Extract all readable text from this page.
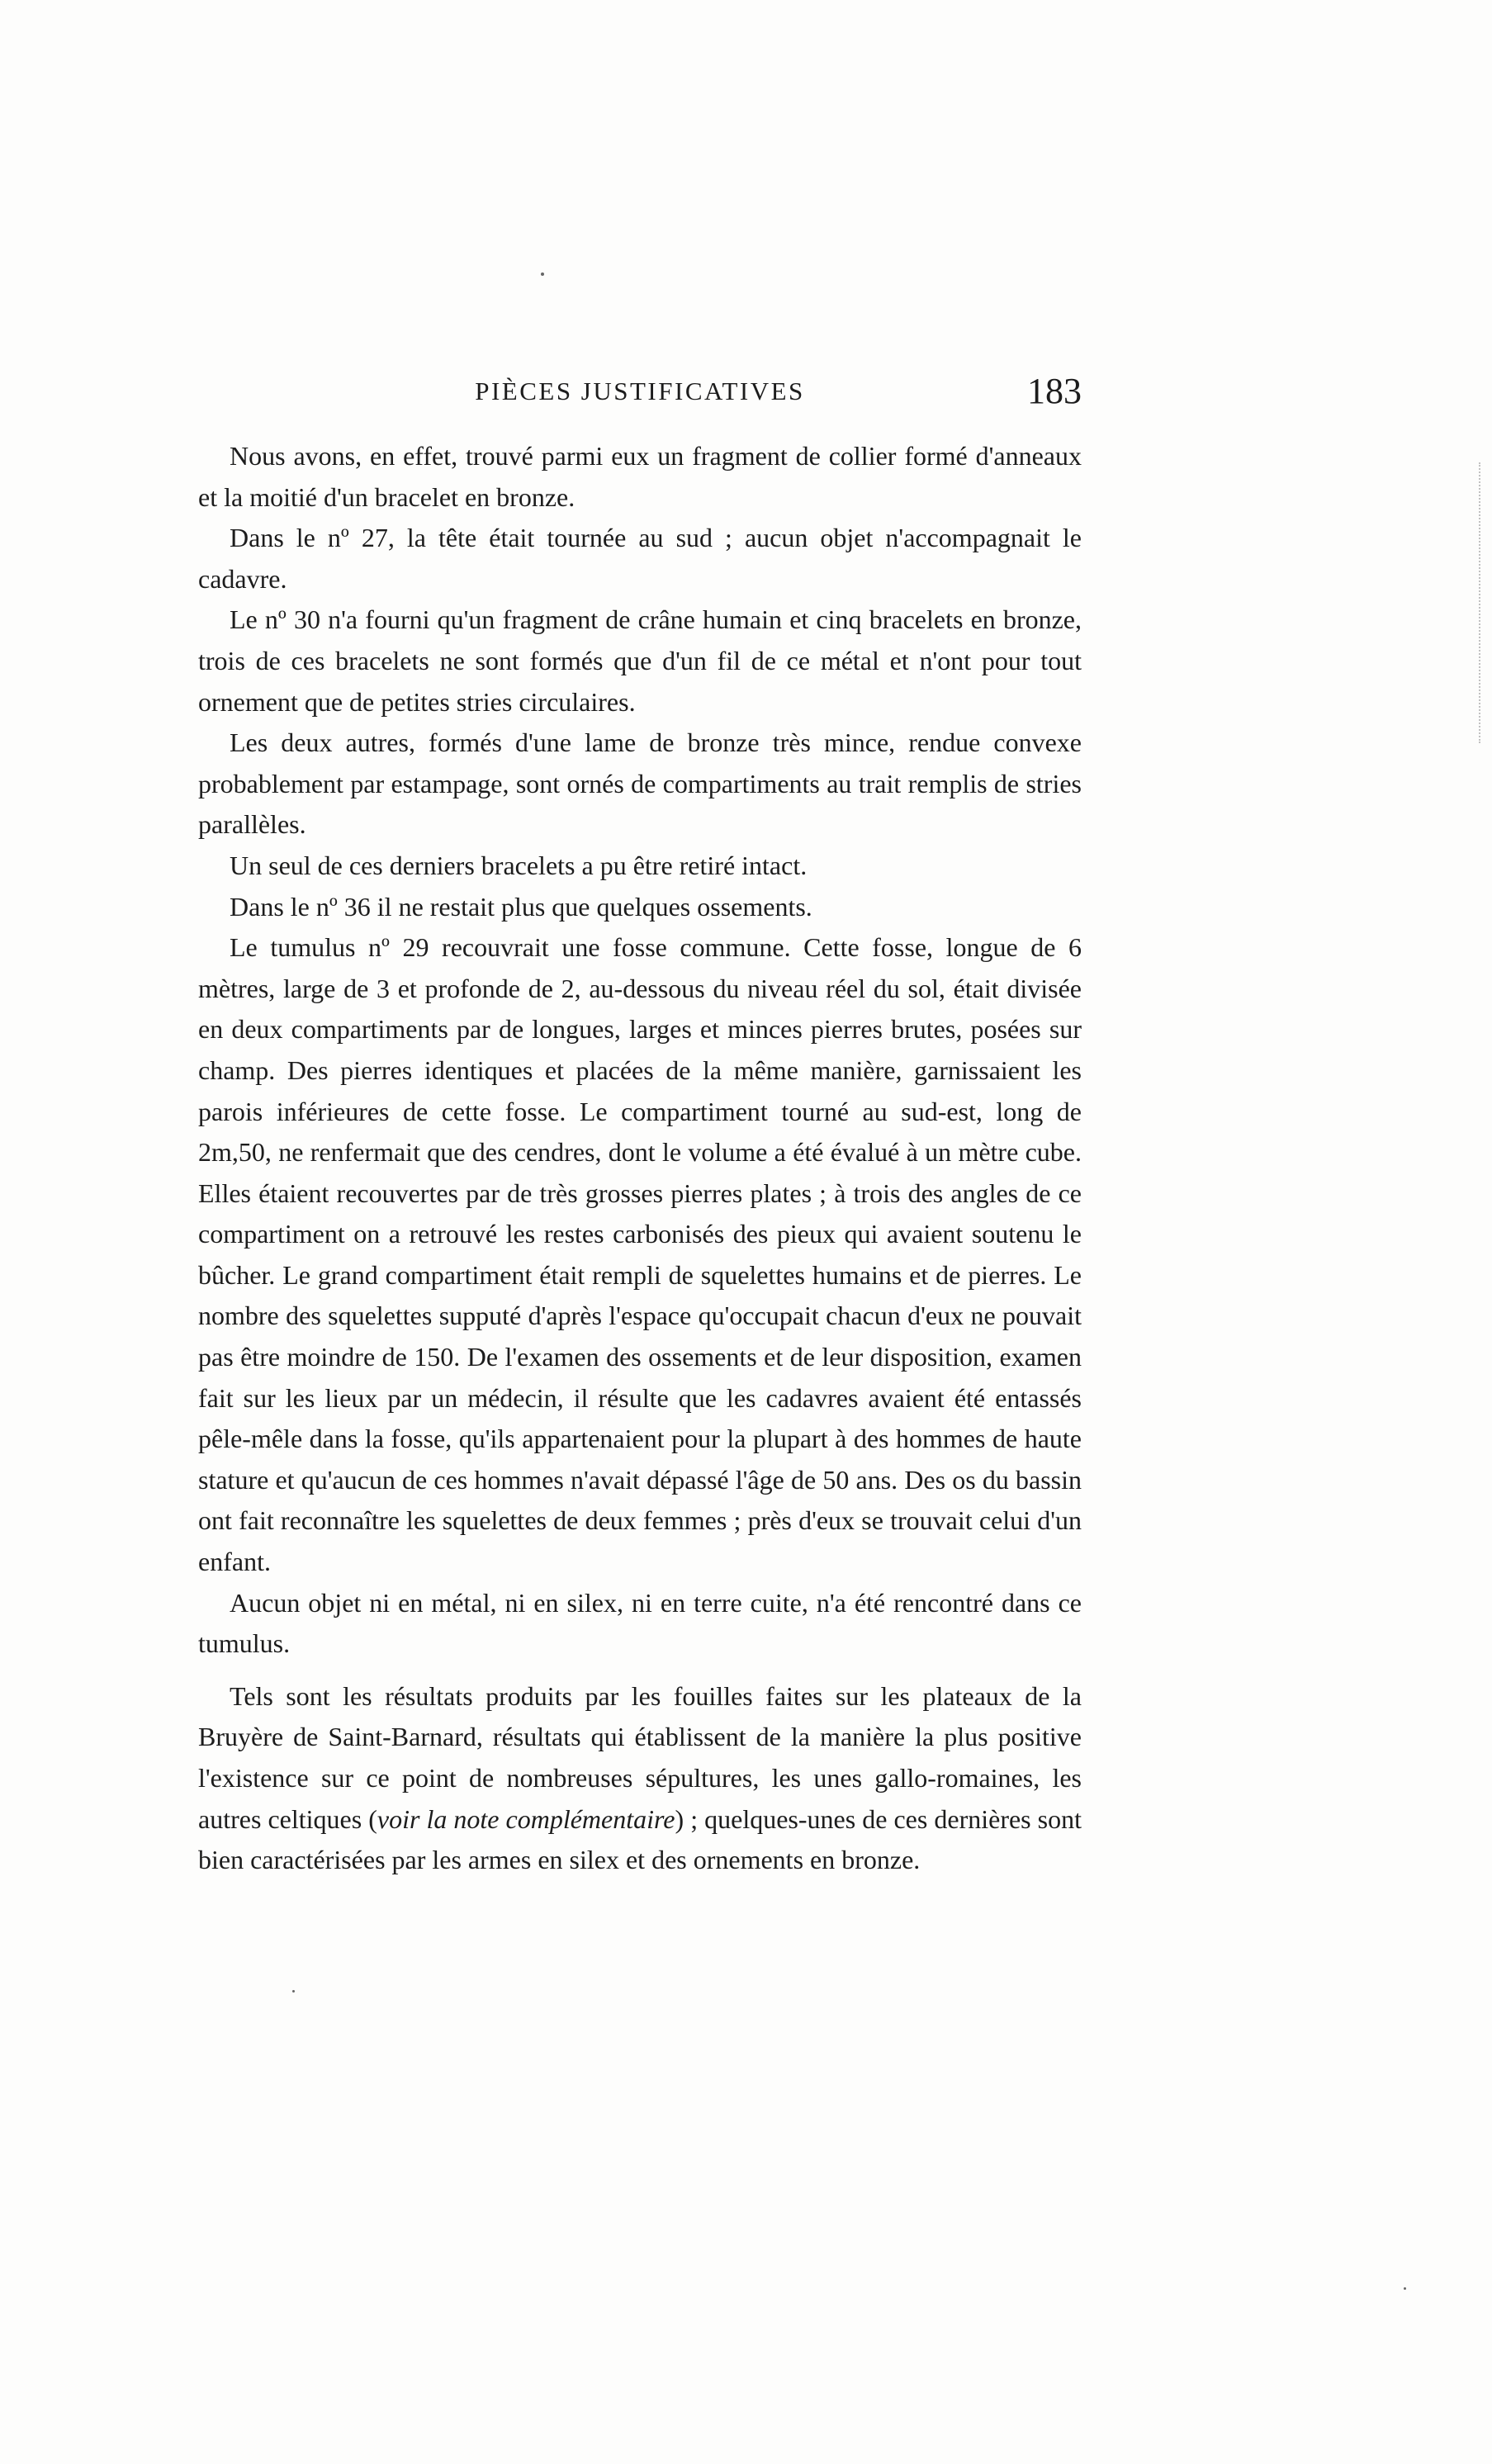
PIÈCES JUSTIFICATIVES	183

Nous avons, en effet, trouvé parmi eux un fragment de collier formé d'anneaux et la moitié d'un bracelet en bronze.

Dans le nº 27, la tête était tournée au sud ; aucun objet n'accompagnait le cadavre.

Le nº 30 n'a fourni qu'un fragment de crâne humain et cinq bracelets en bronze, trois de ces bracelets ne sont formés que d'un fil de ce métal et n'ont pour tout ornement que de petites stries circulaires.

Les deux autres, formés d'une lame de bronze très mince, rendue convexe probablement par estampage, sont ornés de compartiments au trait remplis de stries parallèles.

Un seul de ces derniers bracelets a pu être retiré intact.

Dans le nº 36 il ne restait plus que quelques ossements.

Le tumulus nº 29 recouvrait une fosse commune. Cette fosse, longue de 6 mètres, large de 3 et profonde de 2, au-dessous du niveau réel du sol, était divisée en deux compartiments par de longues, larges et minces pierres brutes, posées sur champ. Des pierres identiques et placées de la même manière, garnissaient les parois inférieures de cette fosse. Le compartiment tourné au sud-est, long de 2m,50, ne renfermait que des cendres, dont le volume a été évalué à un mètre cube. Elles étaient recouvertes par de très grosses pierres plates ; à trois des angles de ce compartiment on a retrouvé les restes carbonisés des pieux qui avaient soutenu le bûcher. Le grand compartiment était rempli de squelettes humains et de pierres. Le nombre des squelettes supputé d'après l'espace qu'occupait chacun d'eux ne pouvait pas être moindre de 150. De l'examen des ossements et de leur disposition, examen fait sur les lieux par un médecin, il résulte que les cadavres avaient été entassés pêle-mêle dans la fosse, qu'ils appartenaient pour la plupart à des hommes de haute stature et qu'aucun de ces hommes n'avait dépassé l'âge de 50 ans. Des os du bassin ont fait reconnaître les squelettes de deux femmes ; près d'eux se trouvait celui d'un enfant.

Aucun objet ni en métal, ni en silex, ni en terre cuite, n'a été rencontré dans ce tumulus.

Tels sont les résultats produits par les fouilles faites sur les plateaux de la Bruyère de Saint-Barnard, résultats qui établissent de la manière la plus positive l'existence sur ce point de nombreuses sépultures, les unes gallo-romaines, les autres celtiques (voir la note complémentaire) ; quelques-unes de ces dernières sont bien caractérisées par les armes en silex et des ornements en bronze.
